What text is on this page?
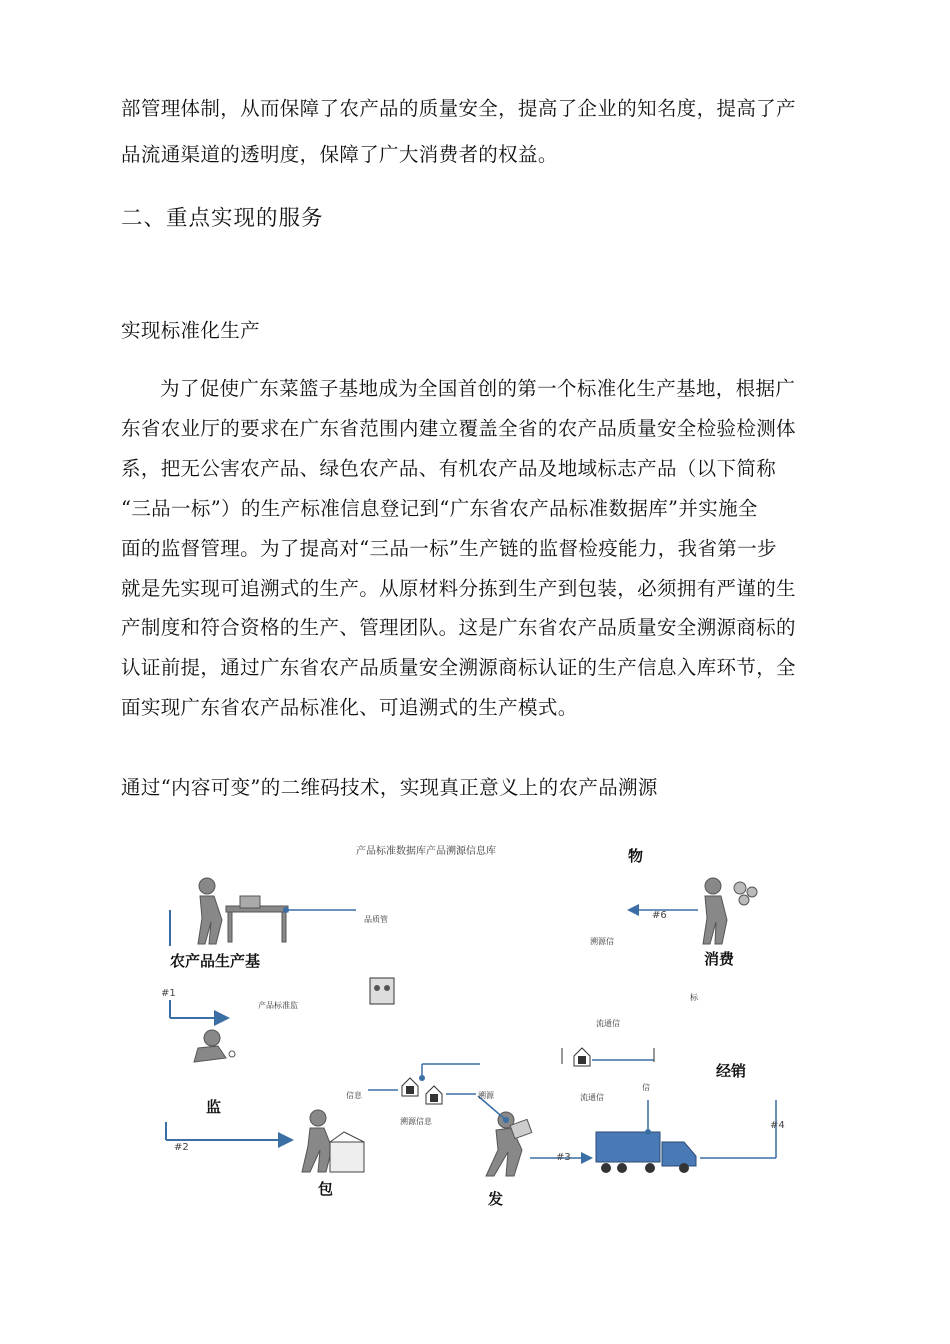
部管理体制，从而保障了农产品的质量安全，提高了企业的知名度，提高了产
品流通渠道的透明度，保障了广大消费者的权益。
二、重点实现的服务
实现标准化生产
为了促使广东菜篮子基地成为全国首创的第一个标准化生产基地，根据广
东省农业厅的要求在广东省范围内建立覆盖全省的农产品质量安全检验检测体
系，把无公害农产品、绿色农产品、有机农产品及地域标志产品（以下简称
“三品一标”）的生产标准信息登记到“广东省农产品标准数据库”并实施全
面的监督管理。为了提高对“三品一标”生产链的监督检疫能力，我省第一步
就是先实现可追溯式的生产。从原材料分拣到生产到包装，必须拥有严谨的生
产制度和符合资格的生产、管理团队。这是广东省农产品质量安全溯源商标的
认证前提，通过广东省农产品质量安全溯源商标认证的生产信息入库环节，全
面实现广东省农产品标准化、可追溯式的生产模式。
通过“内容可变”的二维码技术，实现真正意义上的农产品溯源
产品标准数据库产品溯源信息库	物
农产品生产基	消费
经销
监
包
发
#1
#2
#3
#4
#6
品质管
溯源信
产品标准监
流通信
标
信息
溯源信息
溯源
信
流通信
